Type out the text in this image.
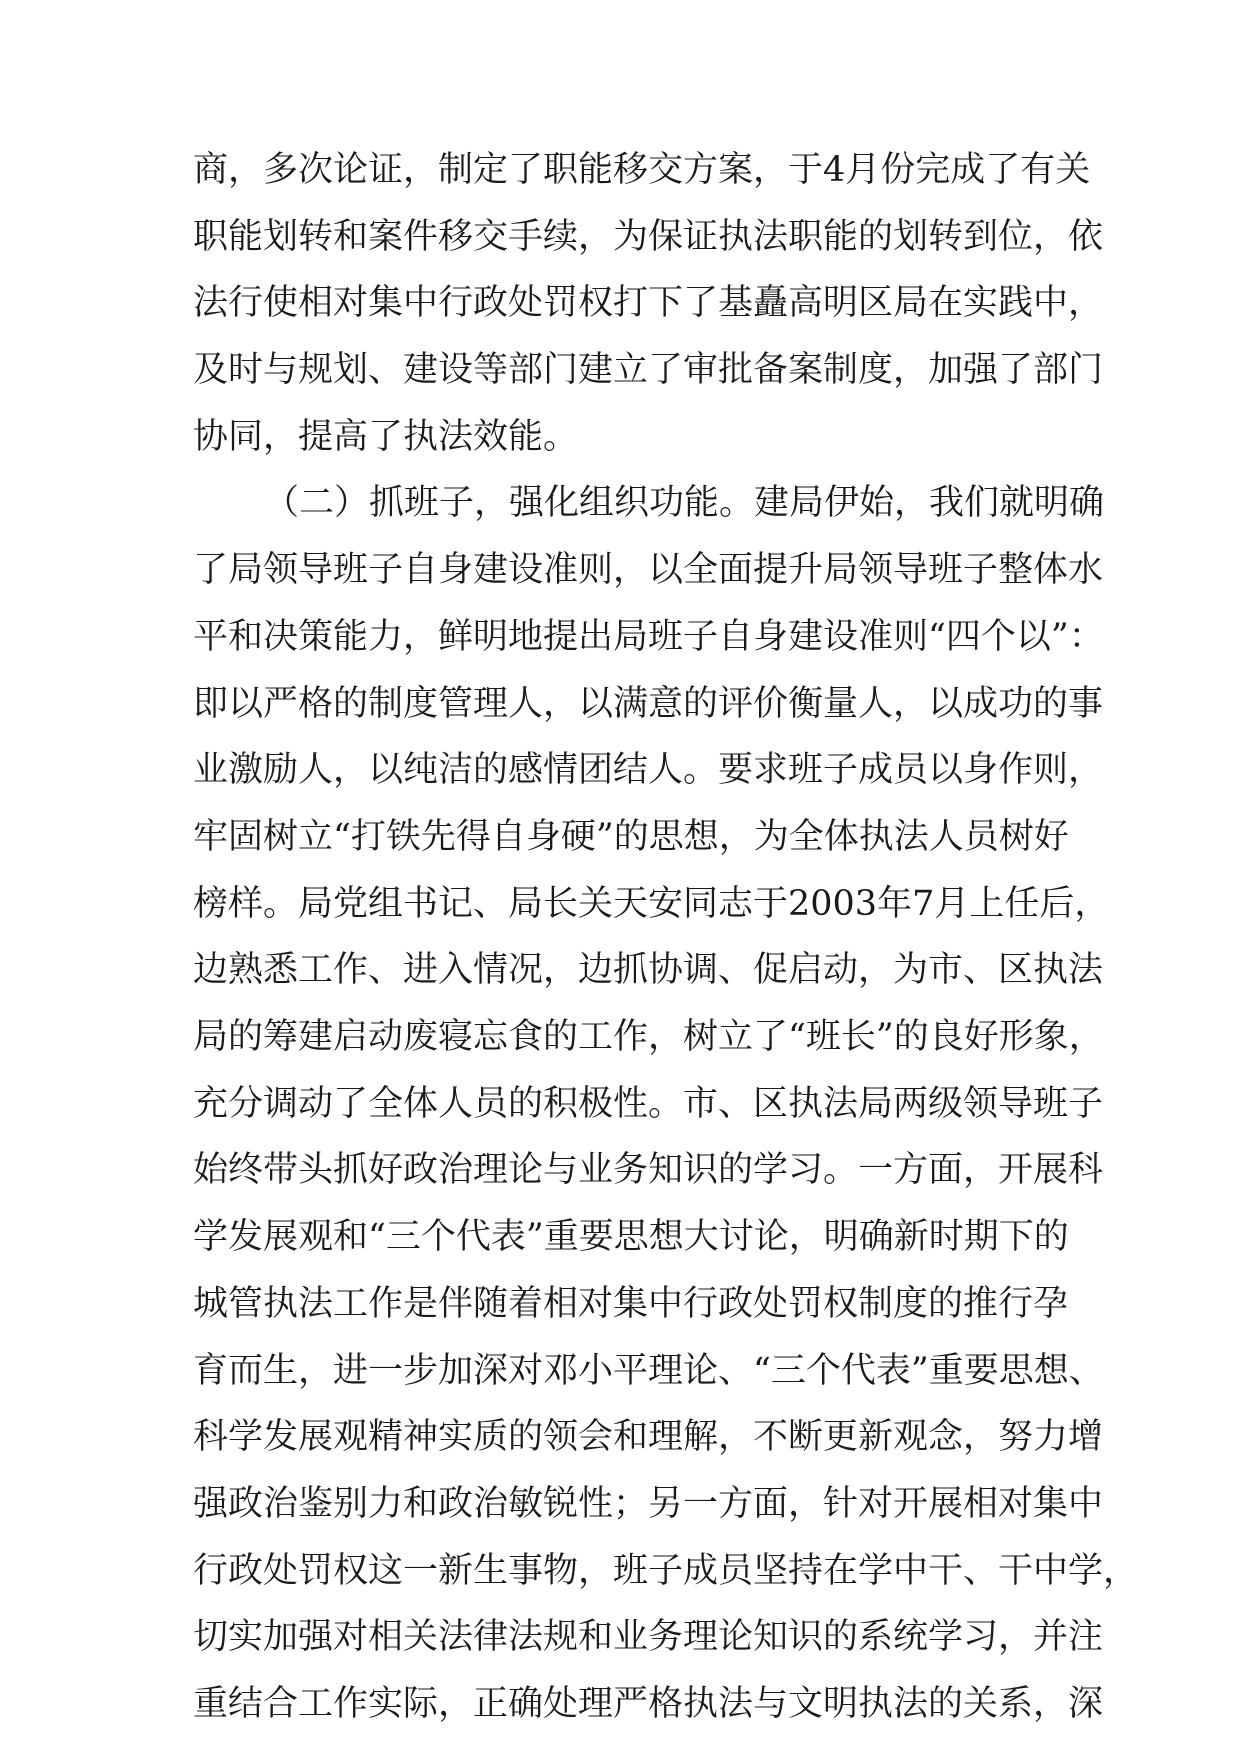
商，多次论证，制定了职能移交方案，于4月份完成了有关
职能划转和案件移交手续，为保证执法职能的划转到位，依
法行使相对集中行政处罚权打下了基矗高明区局在实践中，
及时与规划、建设等部门建立了审批备案制度，加强了部门
协同，提高了执法效能。
（二）抓班子，强化组织功能。建局伊始，我们就明确
了局领导班子自身建设准则，以全面提升局领导班子整体水
平和决策能力，鲜明地提出局班子自身建设准则“四个以”：
即以严格的制度管理人，以满意的评价衡量人，以成功的事
业激励人，以纯洁的感情团结人。要求班子成员以身作则，
牢固树立“打铁先得自身硬”的思想，为全体执法人员树好
榜样。局党组书记、局长关天安同志于2003年7月上任后，
边熟悉工作、进入情况，边抓协调、促启动，为市、区执法
局的筹建启动废寝忘食的工作，树立了“班长”的良好形象，
充分调动了全体人员的积极性。市、区执法局两级领导班子
始终带头抓好政治理论与业务知识的学习。一方面，开展科
学发展观和“三个代表”重要思想大讨论，明确新时期下的
城管执法工作是伴随着相对集中行政处罚权制度的推行孕
育而生，进一步加深对邓小平理论、“三个代表”重要思想、
科学发展观精神实质的领会和理解，不断更新观念，努力增
强政治鉴别力和政治敏锐性；另一方面，针对开展相对集中
行政处罚权这一新生事物，班子成员坚持在学中干、干中学，
切实加强对相关法律法规和业务理论知识的系统学习，并注
重结合工作实际，正确处理严格执法与文明执法的关系，深
